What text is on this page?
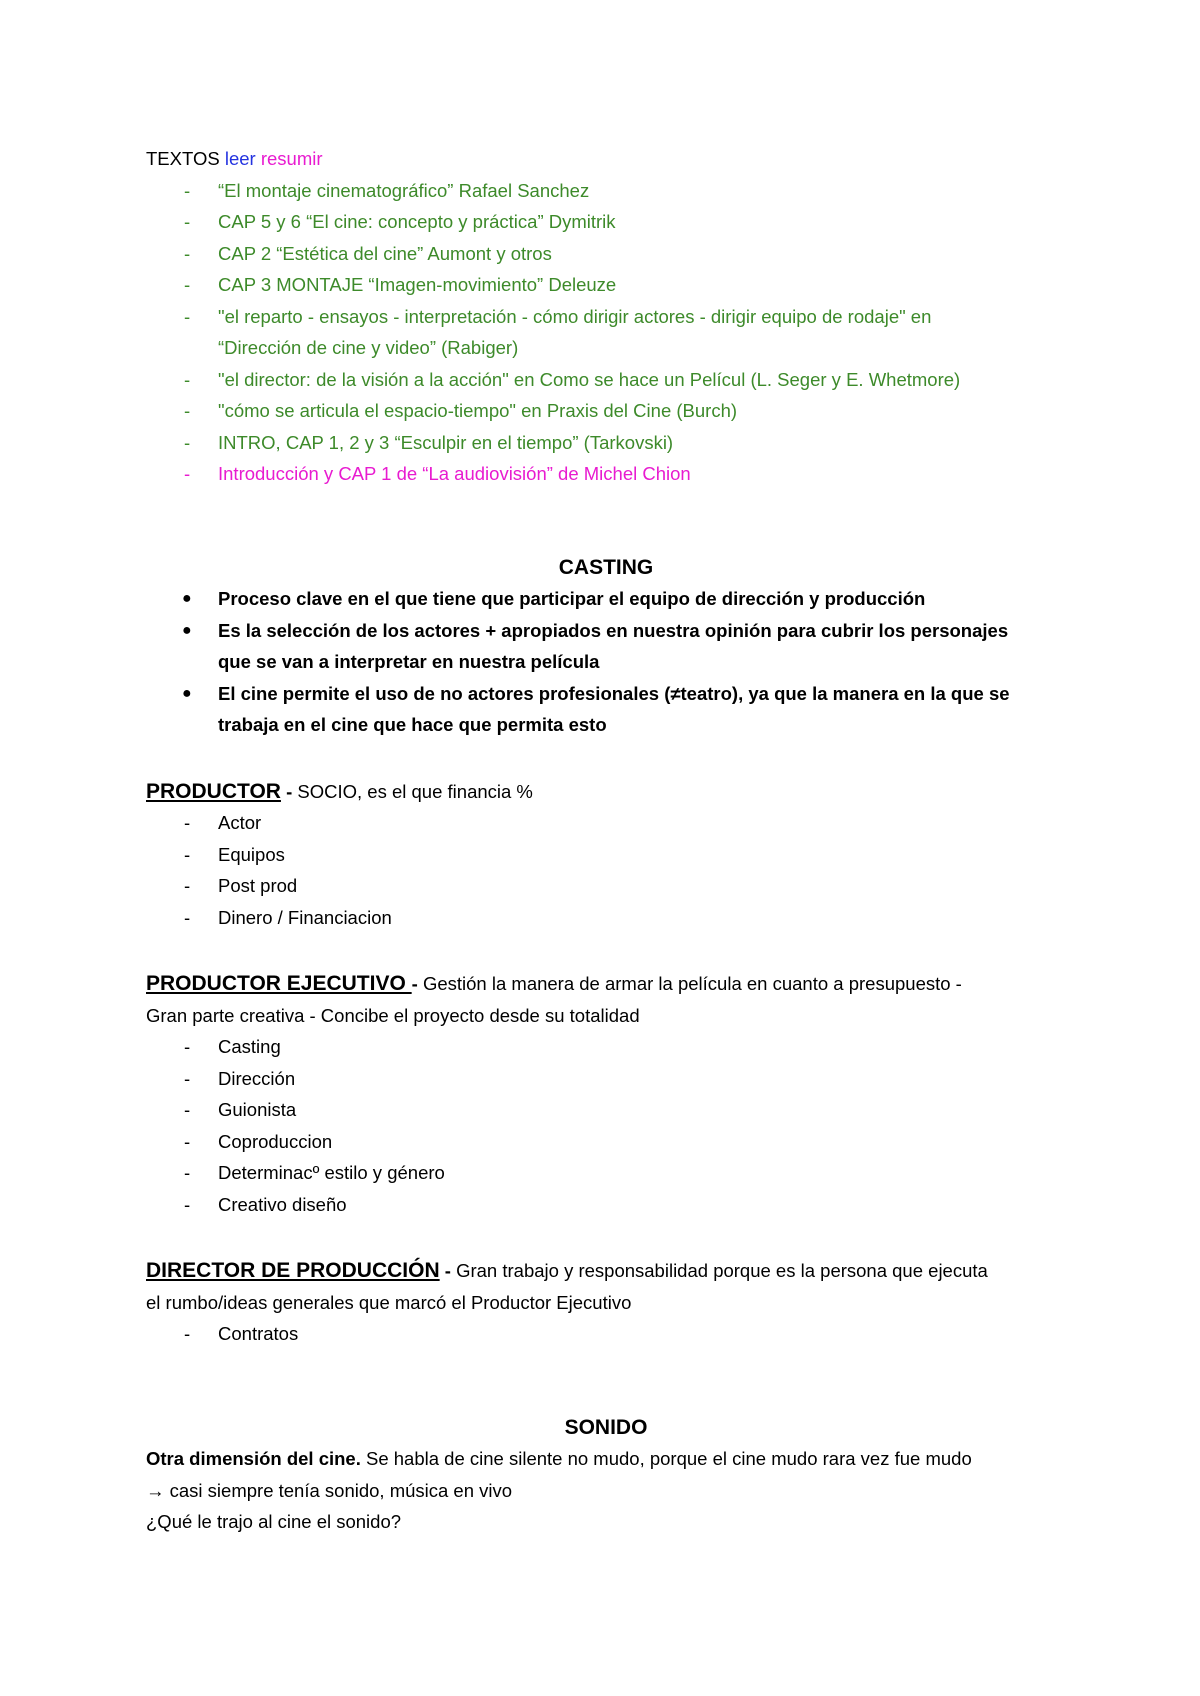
TEXTOS leer resumir
- “El montaje cinematográfico” Rafael Sanchez
- CAP 5 y 6 “El cine: concepto y práctica” Dymitrik
- CAP 2 “Estética del cine” Aumont y otros
- CAP 3 MONTAJE “Imagen-movimiento” Deleuze
- "el reparto - ensayos - interpretación - cómo dirigir actores - dirigir equipo de rodaje" en
“Dirección de cine y video” (Rabiger)
- "el director: de la visión a la acción" en Como se hace un Películ (L. Seger y E. Whetmore)
- "cómo se articula el espacio-tiempo" en Praxis del Cine (Burch)
- INTRO, CAP 1, 2 y 3 “Esculpir en el tiempo” (Tarkovski)
- Introducción y CAP 1 de “La audiovisión” de Michel Chion
CASTING
● Proceso clave en el que tiene que participar el equipo de dirección y producción
● Es la selección de los actores + apropiados en nuestra opinión para cubrir los personajes
que se van a interpretar en nuestra película
● El cine permite el uso de no actores profesionales (≠teatro), ya que la manera en la que se
trabaja en el cine que hace que permita esto
PRODUCTOR - SOCIO, es el que financia %
- Actor
- Equipos
- Post prod
- Dinero / Financiacion
PRODUCTOR EJECUTIVO - Gestión la manera de armar la película en cuanto a presupuesto -
Gran parte creativa - Concibe el proyecto desde su totalidad
- Casting
- Dirección
- Guionista
- Coproduccion
- Determinacº estilo y género
- Creativo diseño
DIRECTOR DE PRODUCCIÓN - Gran trabajo y responsabilidad porque es la persona que ejecuta
el rumbo/ideas generales que marcó el Productor Ejecutivo
- Contratos
SONIDO
Otra dimensión del cine. Se habla de cine silente no mudo, porque el cine mudo rara vez fue mudo
→ casi siempre tenía sonido, música en vivo
¿Qué le trajo al cine el sonido?
